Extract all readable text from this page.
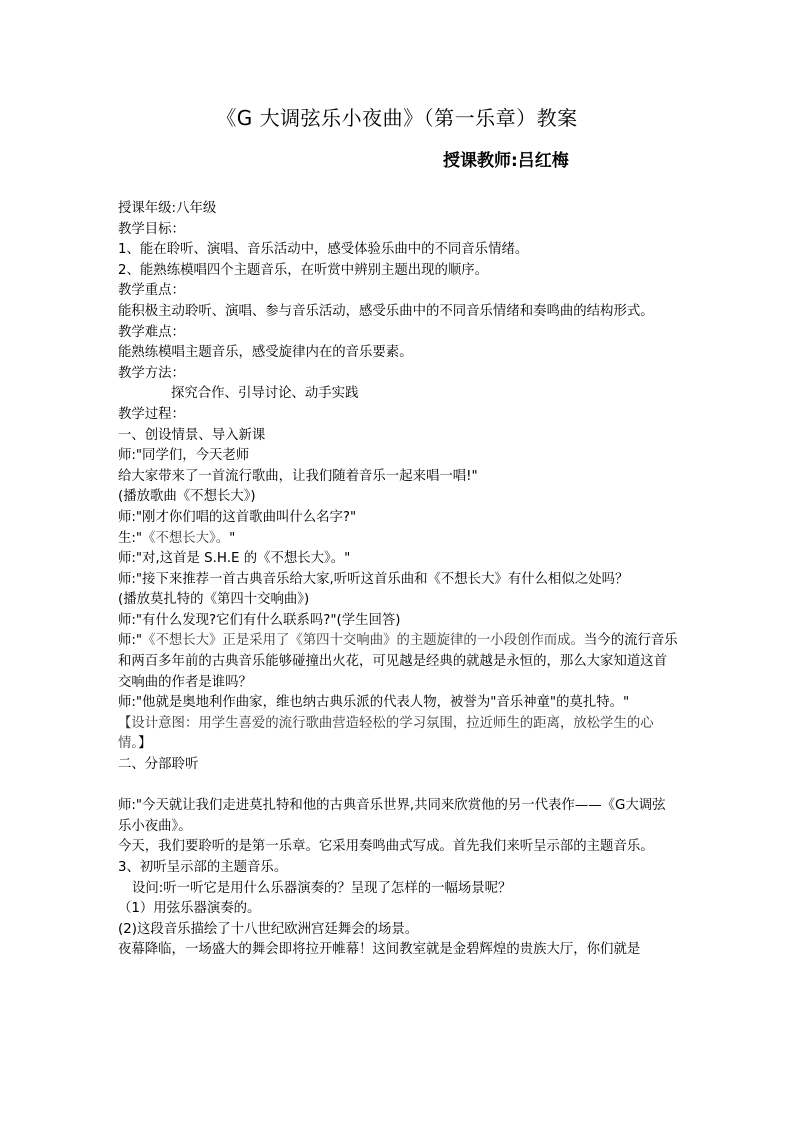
《G 大调弦乐小夜曲》（第一乐章）教案
授课教师:吕红梅
授课年级:八年级
教学目标：
1、能在聆听、演唱、音乐活动中，感受体验乐曲中的不同音乐情绪。
2、能熟练模唱四个主题音乐，在听赏中辨别主题出现的顺序。
教学重点：
能积极主动聆听、演唱、参与音乐活动，感受乐曲中的不同音乐情绪和奏鸣曲的结构形式。
教学难点：
能熟练模唱主题音乐，感受旋律内在的音乐要素。
教学方法：
探究合作、引导讨论、动手实践
教学过程：
一、创设情景、导入新课
师:"同学们，今天老师
给大家带来了一首流行歌曲，让我们随着音乐一起来唱一唱!"
(播放歌曲《不想长大》)
师:"刚才你们唱的这首歌曲叫什么名字?"
生:"《不想长大》。"
师:"对,这首是 S.H.E 的《不想长大》。"
师:"接下来推荐一首古典音乐给大家,听听这首乐曲和《不想长大》有什么相似之处吗？
(播放莫扎特的《第四十交响曲》)
师:"有什么发现?它们有什么联系吗?"(学生回答)
师:"《不想长大》正是采用了《第四十交响曲》的主题旋律的一小段创作而成。当今的流行音乐和两百多年前的古典音乐能够碰撞出火花，可见越是经典的就越是永恒的，那么大家知道这首交响曲的作者是谁吗？
师:"他就是奥地利作曲家，维也纳古典乐派的代表人物，被誉为"音乐神童"的莫扎特。"
【设计意图：用学生喜爱的流行歌曲营造轻松的学习氛围，拉近师生的距离，放松学生的心情。】
二、分部聆听
师:"今天就让我们走进莫扎特和他的古典音乐世界,共同来欣赏他的另一代表作——《G大调弦乐小夜曲》。
今天，我们要聆听的是第一乐章。它采用奏鸣曲式写成。首先我们来听呈示部的主题音乐。
3、初听呈示部的主题音乐。
设问:听一听它是用什么乐器演奏的？呈现了怎样的一幅场景呢？
（1）用弦乐器演奏的。
(2)这段音乐描绘了十八世纪欧洲宫廷舞会的场景。
夜幕降临，一场盛大的舞会即将拉开帷幕！这间教室就是金碧辉煌的贵族大厅，你们就是
